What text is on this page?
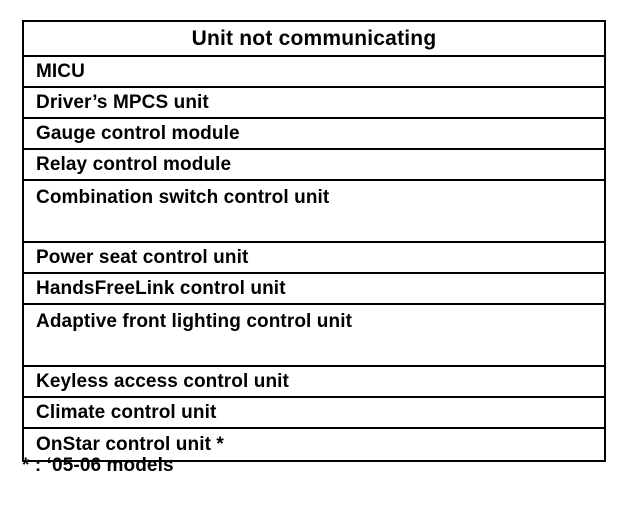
Unit not communicating
MICU
Driver’s MPCS unit
Gauge control module
Relay control module
Combination switch control unit
Power seat control unit
HandsFreeLink control unit
Adaptive front lighting control unit
Keyless access control unit
Climate control unit
OnStar control unit *
* : ‘05-06 models
